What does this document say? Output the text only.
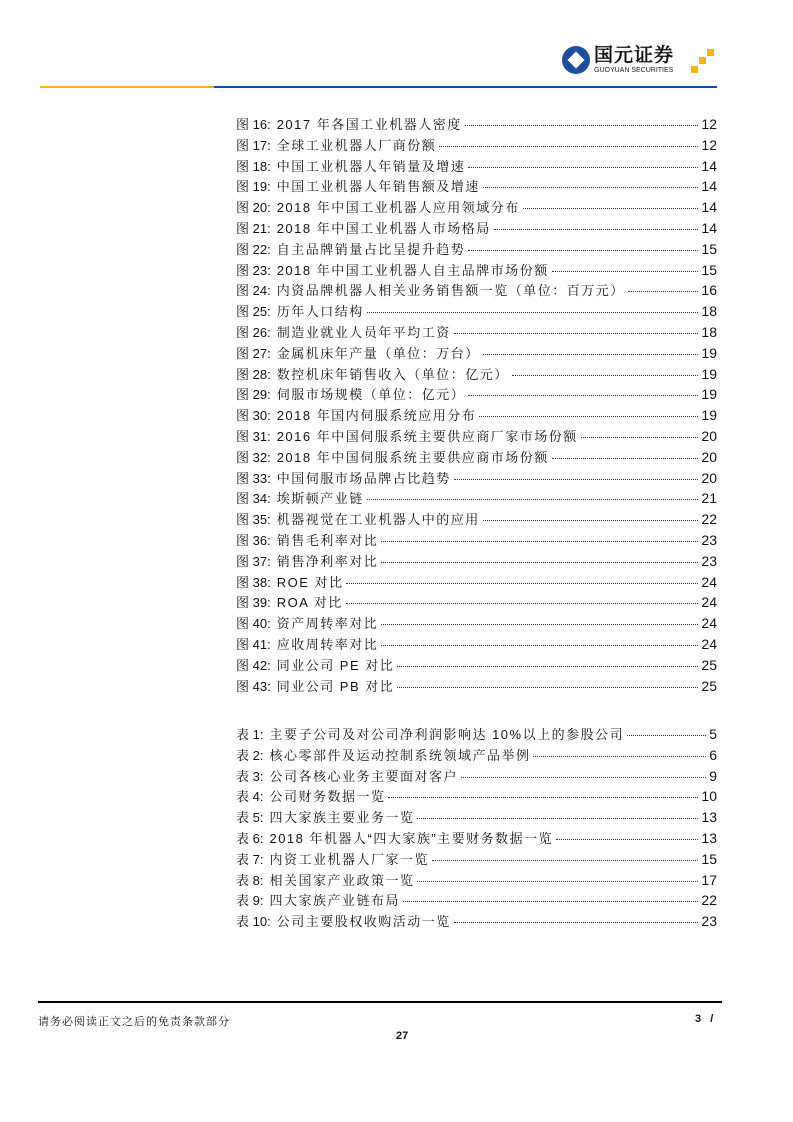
国元证券
GUOYUAN SECURITIES
图 16: 2017 年各国工业机器人密度	12
图 17: 全球工业机器人厂商份额	12
图 18: 中国工业机器人年销量及增速	14
图 19: 中国工业机器人年销售额及增速	14
图 20: 2018 年中国工业机器人应用领域分布	14
图 21: 2018 年中国工业机器人市场格局	14
图 22: 自主品牌销量占比呈提升趋势	15
图 23: 2018 年中国工业机器人自主品牌市场份额	15
图 24: 内资品牌机器人相关业务销售额一览（单位：百万元）	16
图 25: 历年人口结构	18
图 26: 制造业就业人员年平均工资	18
图 27: 金属机床年产量（单位：万台）	19
图 28: 数控机床年销售收入（单位：亿元）	19
图 29: 伺服市场规模（单位：亿元）	19
图 30: 2018 年国内伺服系统应用分布	19
图 31: 2016 年中国伺服系统主要供应商厂家市场份额	20
图 32: 2018 年中国伺服系统主要供应商市场份额	20
图 33: 中国伺服市场品牌占比趋势	20
图 34: 埃斯顿产业链	21
图 35: 机器视觉在工业机器人中的应用	22
图 36: 销售毛利率对比	23
图 37: 销售净利率对比	23
图 38: ROE 对比	24
图 39: ROA 对比	24
图 40: 资产周转率对比	24
图 41: 应收周转率对比	24
图 42: 同业公司 PE 对比	25
图 43: 同业公司 PB 对比	25
表 1: 主要子公司及对公司净利润影响达 10%以上的参股公司	5
表 2: 核心零部件及运动控制系统领域产品举例	6
表 3: 公司各核心业务主要面对客户	9
表 4: 公司财务数据一览	10
表 5: 四大家族主要业务一览	13
表 6: 2018 年机器人“四大家族”主要财务数据一览	13
表 7: 内资工业机器人厂家一览	15
表 8: 相关国家产业政策一览	17
表 9: 四大家族产业链布局	22
表 10: 公司主要股权收购活动一览	23
请务必阅读正文之后的免责条款部分	3 /
27
